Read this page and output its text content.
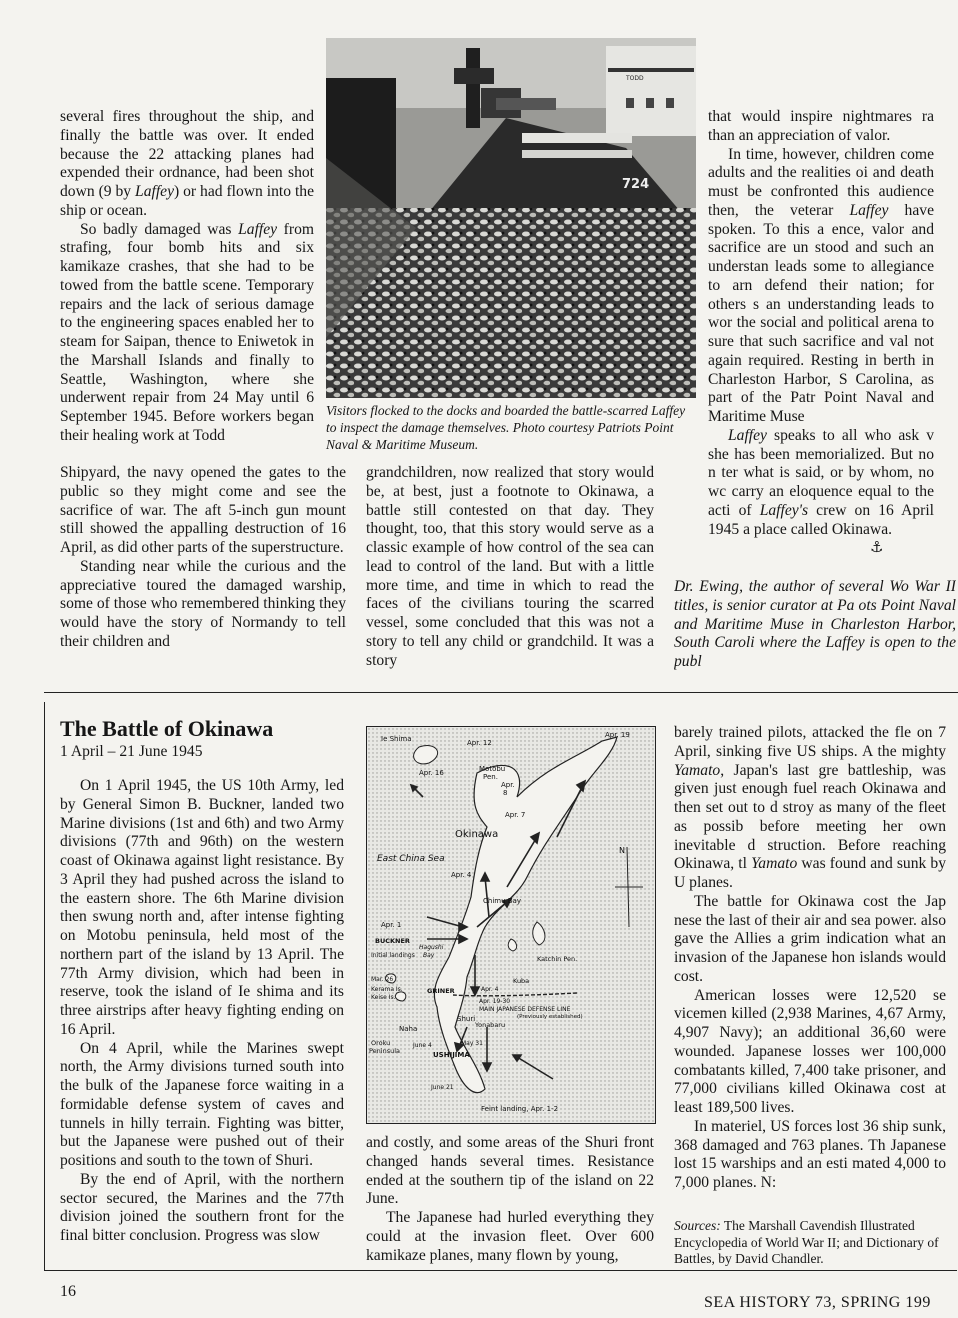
several fires throughout the ship, and finally the battle was over. It ended because the 22 attacking planes had expended their ordnance, had been shot down (9 by Laffey) or had flown into the ship or ocean.

So badly damaged was Laffey from strafing, four bomb hits and six kamikaze crashes, that she had to be towed from the battle scene. Temporary repairs and the lack of serious damage to the engineering spaces enabled her to steam for Saipan, thence to Eniwetok in the Marshall Islands and finally to Seattle, Washington, where she underwent repair from 24 May until 6 September 1945. Before workers began their healing work at Todd

Shipyard, the navy opened the gates to the public so they might come and see the sacrifice of war. The aft 5-inch gun mount still showed the appalling destruction of 16 April, as did other parts of the superstructure.

Standing near while the curious and the appreciative toured the damaged warship, some of those who remembered thinking they would have the story of Normandy to tell their children and

TODD
724
Visitors flocked to the docks and boarded the battle-scarred Laffey to inspect the damage themselves. Photo courtesy Patriots Point Naval & Maritime Museum.

grandchildren, now realized that story would be, at best, just a footnote to Okinawa, a battle still contested on that day. They thought, too, that this story would serve as a classic example of how control of the sea can lead to control of the land. But with a little more time, and time in which to read the faces of the civilians touring the scarred vessel, some concluded that this was not a story to tell any child or grandchild. It was a story

that would inspire nightmares ra than an appreciation of valor.

In time, however, children come adults and the realities oi and death must be confronted this audience then, the veterar Laffey have spoken. To this a ence, valor and sacrifice are un stood and such an understan leads some to allegiance to arn defend their nation; for others s an understanding leads to wor the social and political arena to sure that such sacrifice and val not again required. Resting in berth in Charleston Harbor, S Carolina, as part of the Patr Point Naval and Maritime Muse

Laffey speaks to all who ask v she has been memorialized. But no n ter what is said, or by whom, no wc carry an eloquence equal to the acti of Laffey's crew on 16 April 1945 a place called Okinawa.

⚓
Dr. Ewing, the author of several Wo War II titles, is senior curator at Pa ots Point Naval and Maritime Muse in Charleston Harbor, South Caroli where the Laffey is open to the publ
The Battle of Okinawa
1 April – 21 June 1945

On 1 April 1945, the US 10th Army, led by General Simon B. Buckner, landed two Marine divisions (1st and 6th) and two Army divisions (77th and 96th) on the western coast of Okinawa against light resistance. By 3 April they had pushed across the island to the eastern shore. The 6th Marine division then swung north and, after intense fighting on Motobu peninsula, held most of the northern part of the island by 13 April. The 77th Army division, which had been in reserve, took the island of Ie shima and its three airstrips after heavy fighting ending on 16 April.

On 4 April, while the Marines swept north, the Army divisions turned south into the bulk of the Japanese force waiting in a formidable defense system of caves and tunnels in hilly terrain. Fighting was bitter, but the Japanese were pushed out of their positions and south to the town of Shuri.

By the end of April, with the northern sector secured, the Marines and the 77th division joined the southern front for the final bitter conclusion. Progress was slow

Ie Shima	Apr. 12
Apr. 19
Apr. 16	Motobu
Pen.
Apr.
8
Apr. 7
Okinawa
East China Sea
Apr. 4
N
Chimu Bay
Apr. 1
BUCKNER
Initial landings
Hagushi
Bay	Katchin Pen.
Mar. 26
Kerama Is.
Keise Is.
GRINER
Kuba
Apr. 4
Apr. 19-30
MAIN JAPANESE DEFENSE LINE
(Previously established)
Shuri
Naha	Yonabaru
June 4	May 31
Oroku
Peninsula	USHIJIMA
June 21
Feint landing, Apr. 1-2

and costly, and some areas of the Shuri front changed hands several times. Resistance ended at the southern tip of the island on 22 June.

The Japanese had hurled everything they could at the invasion fleet. Over 600 kamikaze planes, many flown by young,

barely trained pilots, attacked the fle on 7 April, sinking five US ships. A the mighty Yamato, Japan's last gre battleship, was given just enough fuel reach Okinawa and then set out to d stroy as many of the fleet as possib before meeting her own inevitable d struction. Before reaching Okinawa, tl Yamato was found and sunk by U planes.

The battle for Okinawa cost the Jap nese the last of their air and sea power. also gave the Allies a grim indication what an invasion of the Japanese hon islands would cost.

American losses were 12,520 se vicemen killed (2,938 Marines, 4,67 Army, 4,907 Navy); an additional 36,60 were wounded. Japanese losses wer 100,000 combatants killed, 7,400 take prisoner, and 77,000 civilians killed Okinawa cost at least 189,500 lives.

In materiel, US forces lost 36 ship sunk, 368 damaged and 763 planes. Th Japanese lost 15 warships and an esti mated 4,000 to 7,000 planes. N:

Sources: The Marshall Cavendish Illustrated Encyclopedia of World War II; and Dictionary of Battles, by David Chandler.
16
SEA HISTORY 73, SPRING 199
